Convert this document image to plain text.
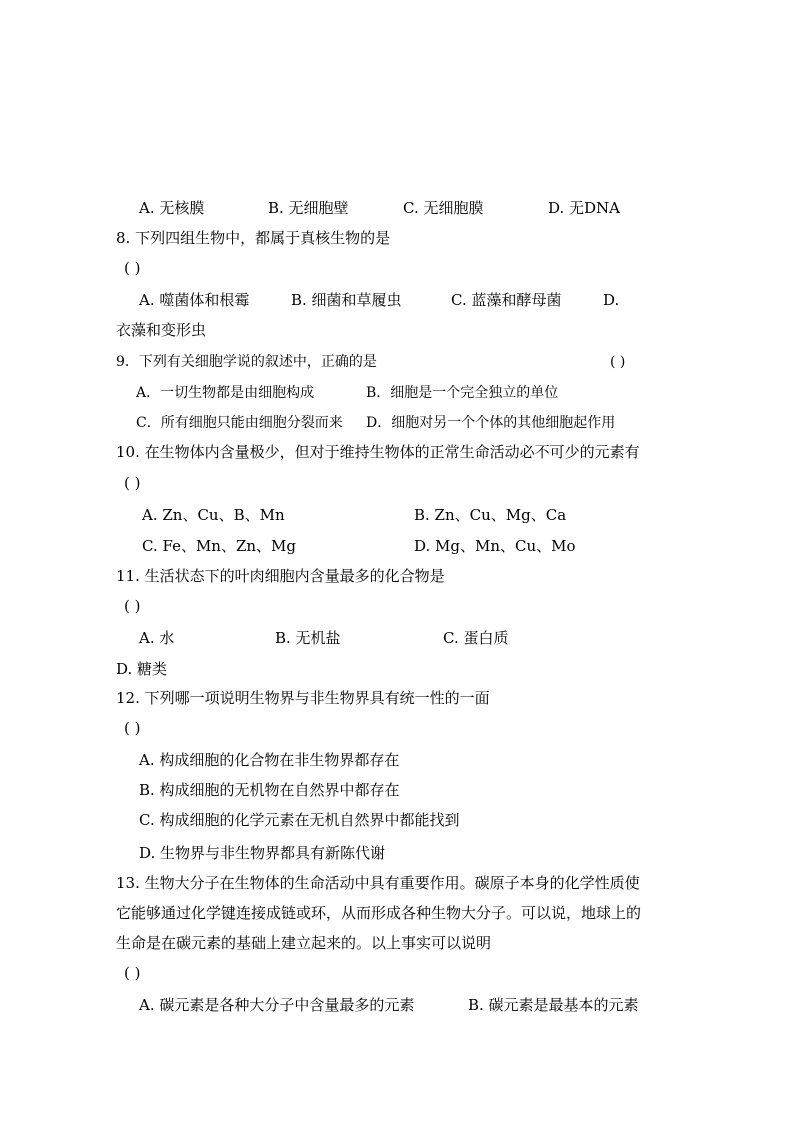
A. 无核膜	B. 无细胞壁	C. 无细胞膜	D. 无DNA
8. 下列四组生物中，都属于真核生物的是
( )
A. 噬菌体和根霉	B. 细菌和草履虫	C. 蓝藻和酵母菌	D.
衣藻和变形虫
9．下列有关细胞学说的叙述中，正确的是	( )
A．一切生物都是由细胞构成	B．细胞是一个完全独立的单位
C．所有细胞只能由细胞分裂而来 D．细胞对另一个个体的其他细胞起作用
10. 在生物体内含量极少，但对于维持生物体的正常生命活动必不可少的元素有
( )
A. Zn、Cu、B、Mn	B. Zn、Cu、Mg、Ca
C. Fe、Mn、Zn、Mg	D. Mg、Mn、Cu、Mo
11. 生活状态下的叶肉细胞内含量最多的化合物是
( )
A. 水	B. 无机盐	C. 蛋白质
D. 糖类
12. 下列哪一项说明生物界与非生物界具有统一性的一面
( )
A. 构成细胞的化合物在非生物界都存在
B. 构成细胞的无机物在自然界中都存在
C. 构成细胞的化学元素在无机自然界中都能找到
D. 生物界与非生物界都具有新陈代谢
13. 生物大分子在生物体的生命活动中具有重要作用。碳原子本身的化学性质使
它能够通过化学键连接成链或环，从而形成各种生物大分子。可以说，地球上的
生命是在碳元素的基础上建立起来的。以上事实可以说明
( )
A. 碳元素是各种大分子中含量最多的元素	B. 碳元素是最基本的元素
